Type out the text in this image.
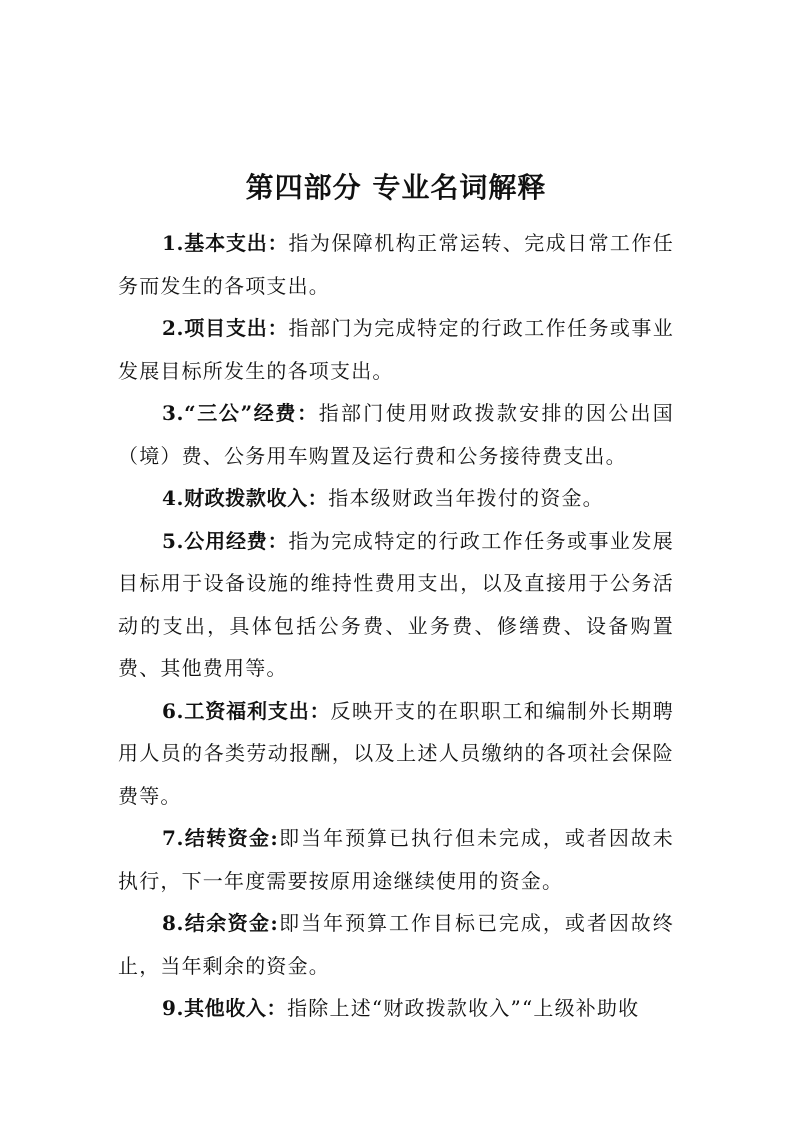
第四部分 专业名词解释

1.基本支出：指为保障机构正常运转、完成日常工作任务而发生的各项支出。

2.项目支出：指部门为完成特定的行政工作任务或事业发展目标所发生的各项支出。

3.“三公”经费：指部门使用财政拨款安排的因公出国（境）费、公务用车购置及运行费和公务接待费支出。

4.财政拨款收入：指本级财政当年拨付的资金。

5.公用经费：指为完成特定的行政工作任务或事业发展目标用于设备设施的维持性费用支出，以及直接用于公务活动的支出，具体包括公务费、业务费、修缮费、设备购置费、其他费用等。

6.工资福利支出：反映开支的在职职工和编制外长期聘用人员的各类劳动报酬，以及上述人员缴纳的各项社会保险费等。

7.结转资金:即当年预算已执行但未完成，或者因故未执行，下一年度需要按原用途继续使用的资金。

8.结余资金:即当年预算工作目标已完成，或者因故终止，当年剩余的资金。

9.其他收入：指除上述“财政拨款收入”“上级补助收
